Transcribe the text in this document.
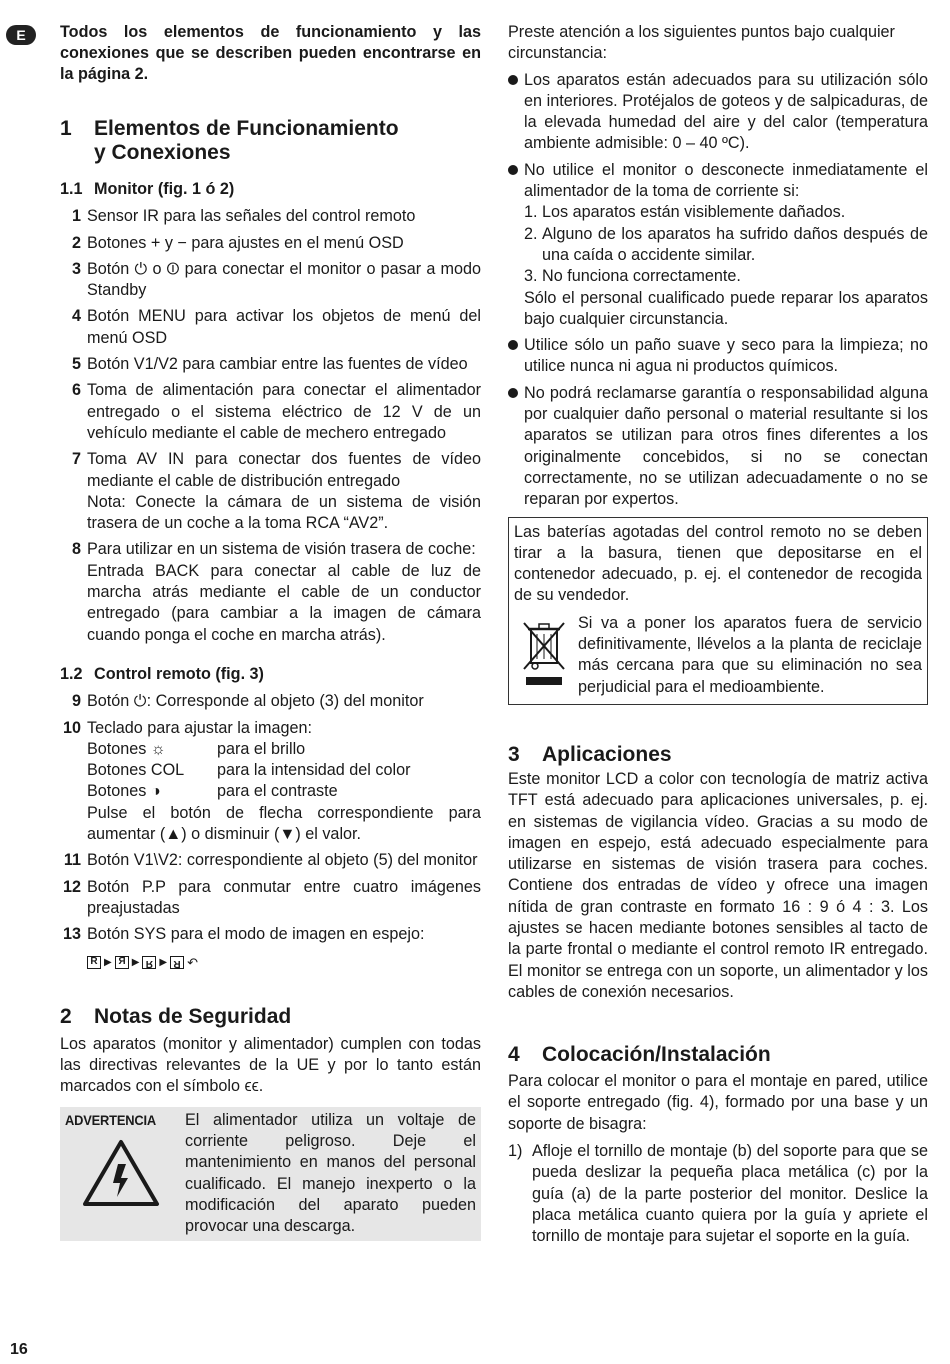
E	Todos los elementos de funcionamiento y las conexiones que se describen pueden encontrarse en la página 2.

1	Elementos de Funcionamiento
y Conexiones
1.1 Monitor (fig. 1 ó 2)
1 Sensor IR para las señales del control remoto
2 Botones + y − para ajustes en el menú OSD
3 Botón ⏻ o ⏼ para conectar el monitor o pasar a modo Standby
4 Botón MENU para activar los objetos de menú del menú OSD
5 Botón V1/V2 para cambiar entre las fuentes de vídeo
6 Toma de alimentación para conectar el alimentador entregado o el sistema eléctrico de 12 V de un vehículo mediante el cable de mechero entregado
7 Toma AV IN para conectar dos fuentes de vídeo mediante el cable de distribución entregado
Nota: Conecte la cámara de un sistema de visión trasera de un coche a la toma RCA “AV2”.
8 Para utilizar en un sistema de visión trasera de coche:
Entrada BACK para conectar al cable de luz de marcha atrás mediante el cable de un conductor entregado (para cambiar a la imagen de cámara cuando ponga el coche en marcha atrás).
1.2 Control remoto (fig. 3)
9 Botón ⏻: Corresponde al objeto (3) del monitor
10 Teclado para ajustar la imagen:
Botones ☼	para el brillo
Botones COL	para la intensidad del color
Botones ◑	para el contraste
Pulse el botón de flecha correspondiente para aumentar (▲) o disminuir (▼) el valor.
11 Botón V1\V2: correspondiente al objeto (5) del monitor
12 Botón P.P para conmutar entre cuatro imágenes preajustadas
13 Botón SYS para el modo de imagen en espejo:
R ▶ R ▶ R ▶ R ↶
2	Notas de Seguridad

Los aparatos (monitor y alimentador) cumplen con todas las directivas relevantes de la UE y por lo tanto están marcados con el símbolo ϵϵ.

ADVERTENCIA	El alimentador utiliza un voltaje de corriente peligroso. Deje el mantenimiento en manos del personal cualificado. El manejo inexperto o la modificación del aparato pueden provocar una descarga.

Preste atención a los siguientes puntos bajo cualquier circunstancia:

Los aparatos están adecuados para su utilización sólo en interiores. Protéjalos de goteos y de salpicaduras, de la elevada humedad del aire y del calor (temperatura ambiente admisible: 0 – 40 ºC).
No utilice el monitor o desconecte inmediatamente el alimentador de la toma de corriente si:
1. Los aparatos están visiblemente dañados.
2. Alguno de los aparatos ha sufrido daños después de una caída o accidente similar.
3. No funciona correctamente.
Sólo el personal cualificado puede reparar los aparatos bajo cualquier circunstancia.
Utilice sólo un paño suave y seco para la limpieza; no utilice nunca ni agua ni productos químicos.
No podrá reclamarse garantía o responsabilidad alguna por cualquier daño personal o material resultante si los aparatos se utilizan para otros fines diferentes a los originalmente concebidos, si no se conectan correctamente, no se utilizan adecuadamente o no se reparan por expertos.

Las baterías agotadas del control remoto no se deben tirar a la basura, tienen que depositarse en el contenedor adecuado, p. ej. el contenedor de recogida de su vendedor.

Si va a poner los aparatos fuera de servicio definitivamente, llévelos a la planta de reciclaje más cercana para que su eliminación no sea perjudicial para el medioambiente.

3	Aplicaciones

Este monitor LCD a color con tecnología de matriz activa TFT está adecuado para aplicaciones universales, p. ej. en sistemas de vigilancia vídeo. Gracias a su modo de imagen en espejo, está adecuado especialmente para utilizarse en sistemas de visión trasera para coches. Contiene dos entradas de vídeo y ofrece una imagen nítida de gran contraste en formato 16 : 9 ó 4 : 3. Los ajustes se hacen mediante botones sensibles al tacto de la parte frontal o mediante el control remoto IR entregado. El monitor se entrega con un soporte, un alimentador y los cables de conexión necesarios.

4	Colocación/Instalación

Para colocar el monitor o para el montaje en pared, utilice el soporte entregado (fig. 4), formado por una base y un soporte de bisagra:

1) Afloje el tornillo de montaje (b) del soporte para que se pueda deslizar la pequeña placa metálica (c) por la guía (a) de la parte posterior del monitor. Deslice la placa metálica cuanto quiera por la guía y apriete el tornillo de montaje para sujetar el soporte en la guía.
16
